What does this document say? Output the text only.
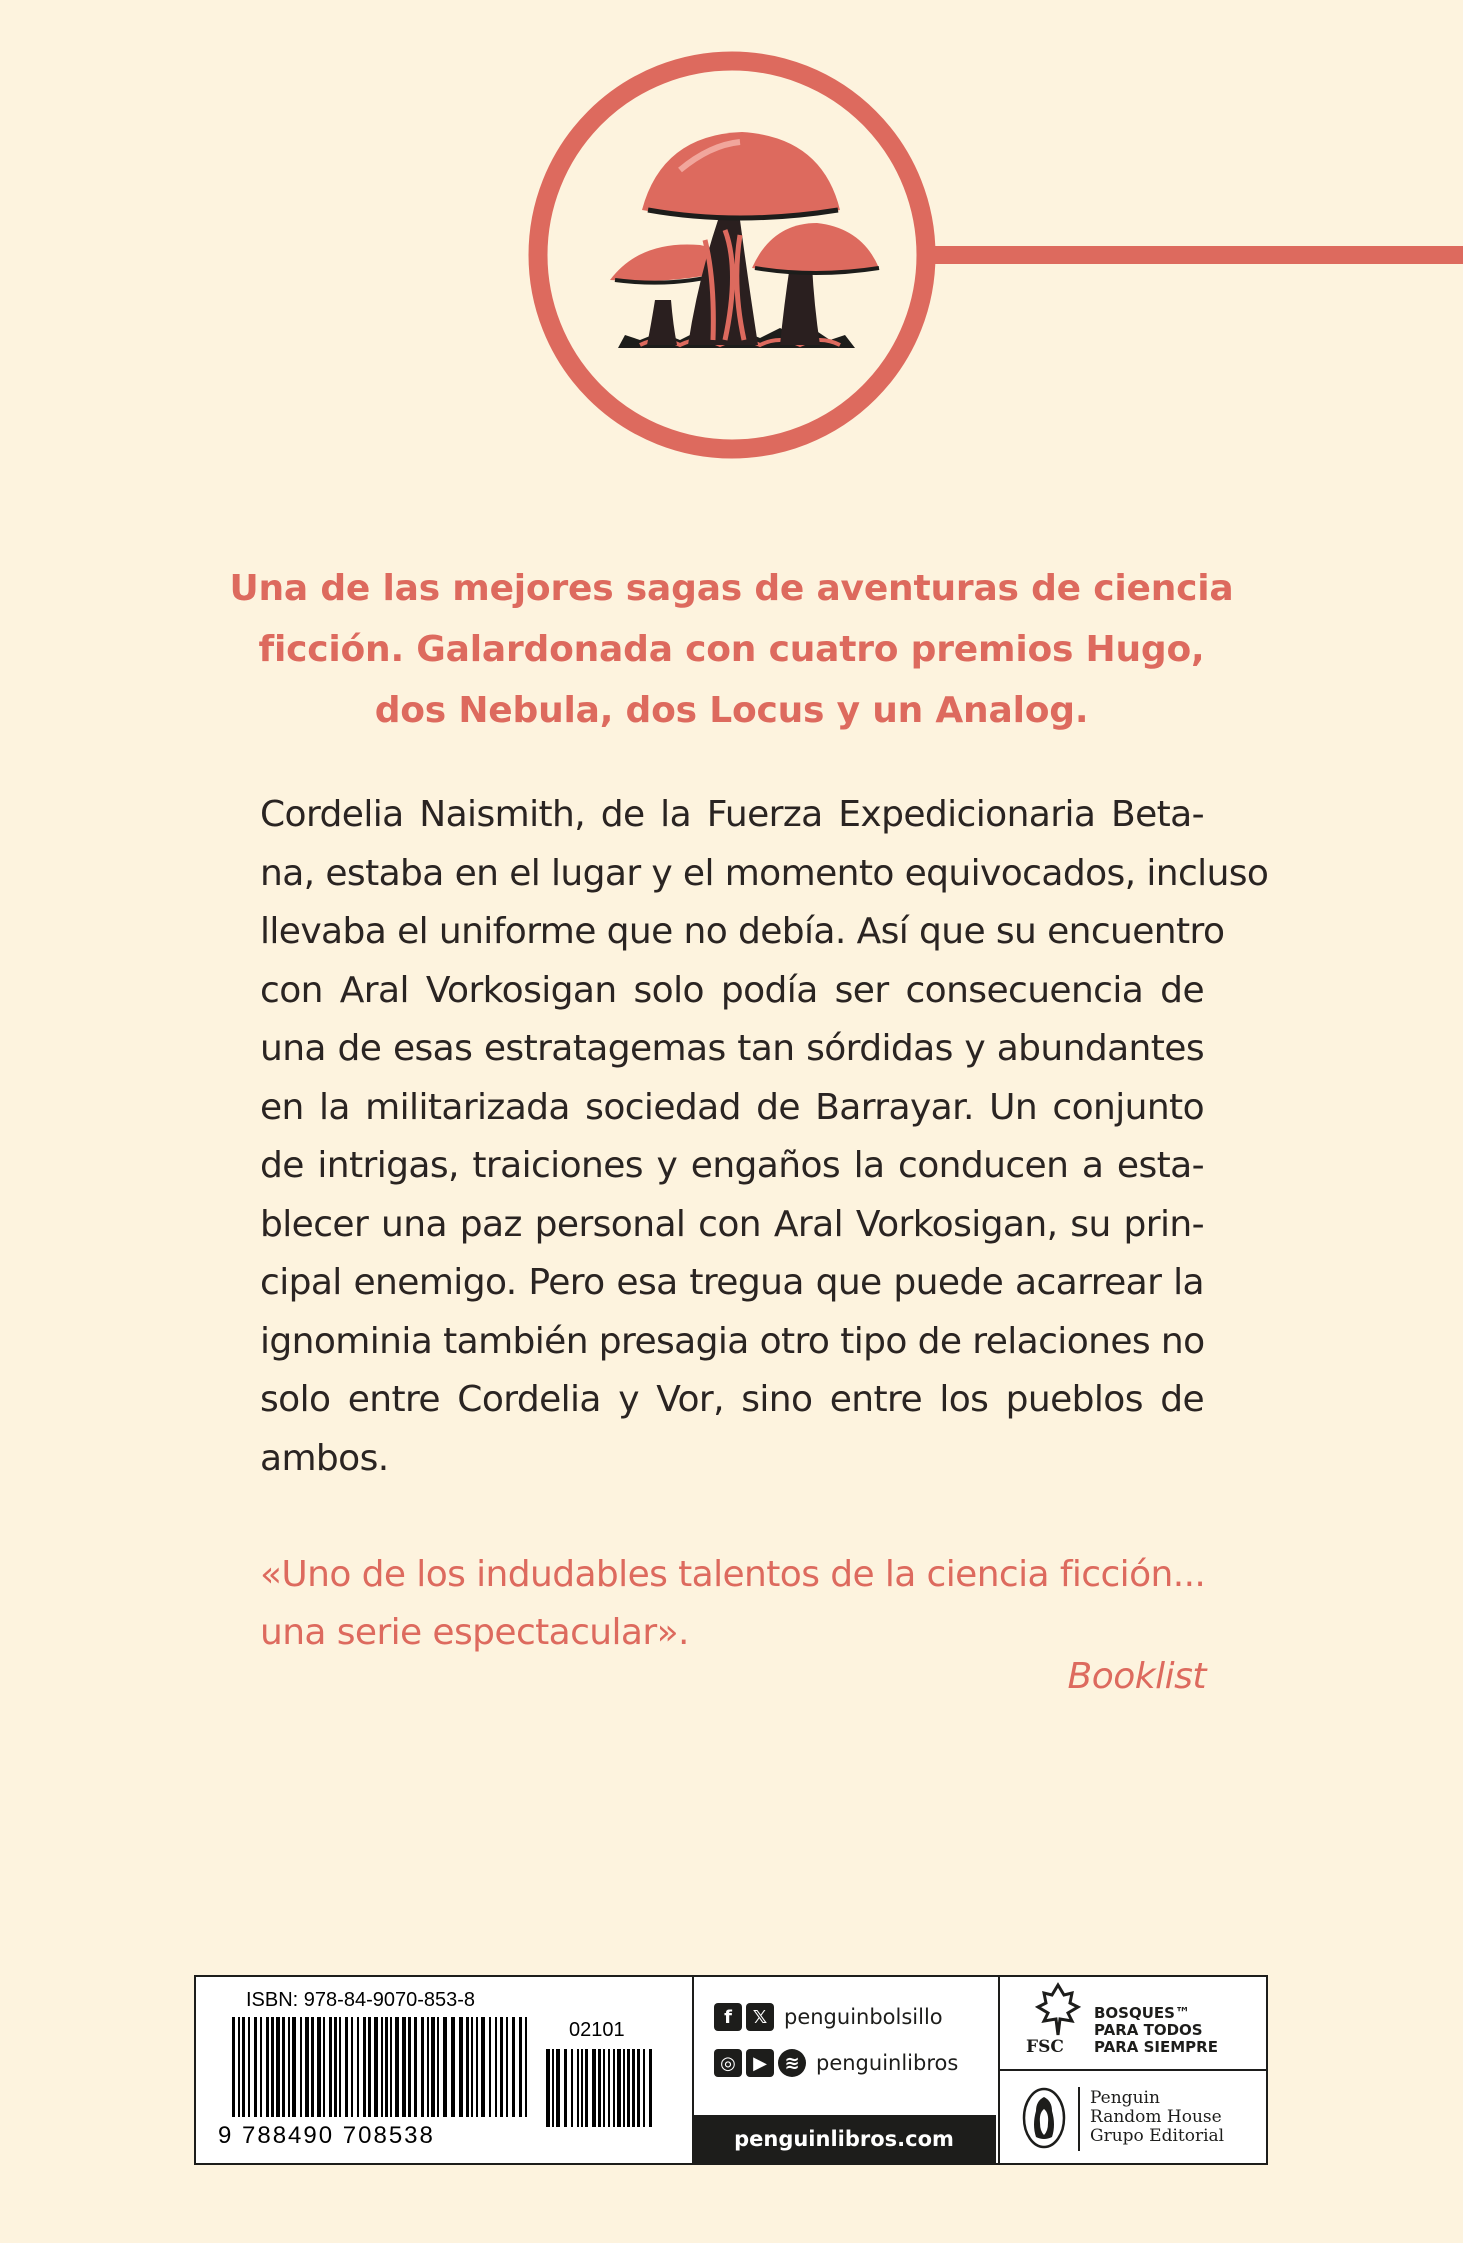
Una de las mejores sagas de aventuras de ciencia
ficción. Galardonada con cuatro premios Hugo,
dos Nebula, dos Locus y un Analog.
Cordelia Naismith, de la Fuerza Expedicionaria Beta-
na, estaba en el lugar y el momento equivocados, incluso
llevaba el uniforme que no debía. Así que su encuentro
con Aral Vorkosigan solo podía ser consecuencia de
una de esas estratagemas tan sórdidas y abundantes
en la militarizada sociedad de Barrayar. Un conjunto
de intrigas, traiciones y engaños la conducen a esta-
blecer una paz personal con Aral Vorkosigan, su prin-
cipal enemigo. Pero esa tregua que puede acarrear la
ignominia también presagia otro tipo de relaciones no
solo entre Cordelia y Vor, sino entre los pueblos de
ambos.
«Uno de los indudables talentos de la ciencia ficción...
una serie espectacular».
Booklist
ISBN: 978-84-9070-853-8
02101
9 788490 708538
f	𝕏 penguinbolsillo
◎ ▶ ≋ penguinlibros
penguinlibros.com
FSC
BOSQUES™
PARA TODOS
PARA SIEMPRE
Penguin
Random House
Grupo Editorial
